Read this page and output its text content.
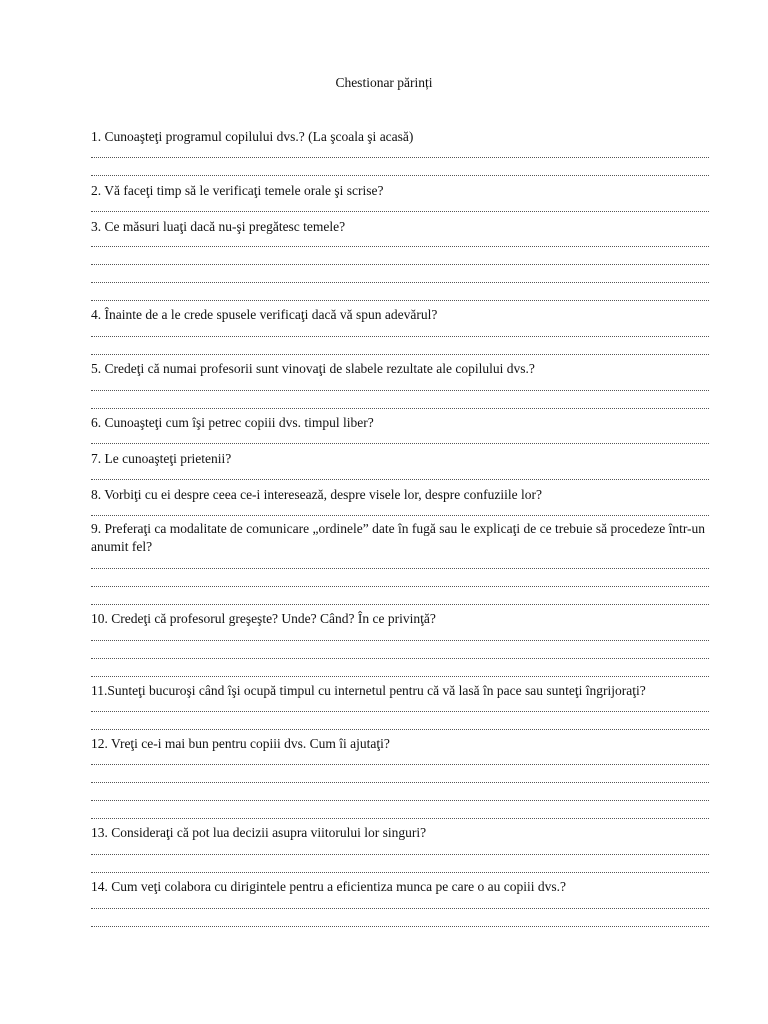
Chestionar părinți
1. Cunoaşteţi programul copilului dvs.? (La şcoala şi acasă)
2. Vă faceţi timp să le verificaţi temele orale şi scrise?
3. Ce măsuri luaţi dacă nu-şi pregătesc temele?
4. Înainte de a le crede spusele verificaţi dacă vă spun adevărul?
5. Credeţi că numai profesorii sunt vinovaţi de slabele rezultate ale copilului dvs.?
6. Cunoaşteţi cum îşi petrec copiii dvs. timpul liber?
7. Le cunoaşteţi prietenii?
8. Vorbiţi cu ei despre ceea ce-i interesează, despre visele lor, despre confuziile lor?
9. Preferaţi ca modalitate de comunicare „ordinele” date în fugă sau le explicaţi de ce trebuie să procedeze într-un anumit fel?
10. Credeţi că profesorul greşeşte? Unde? Când? În ce privinţă?
11.Sunteţi bucuroşi când îşi ocupă timpul cu internetul pentru că vă lasă în pace sau sunteţi îngrijoraţi?
12. Vreţi ce-i mai bun pentru copiii dvs. Cum îi ajutaţi?
13. Consideraţi că pot lua decizii asupra viitorului lor singuri?
14. Cum veţi colabora cu dirigintele pentru a eficientiza munca pe care o au copiii dvs.?
